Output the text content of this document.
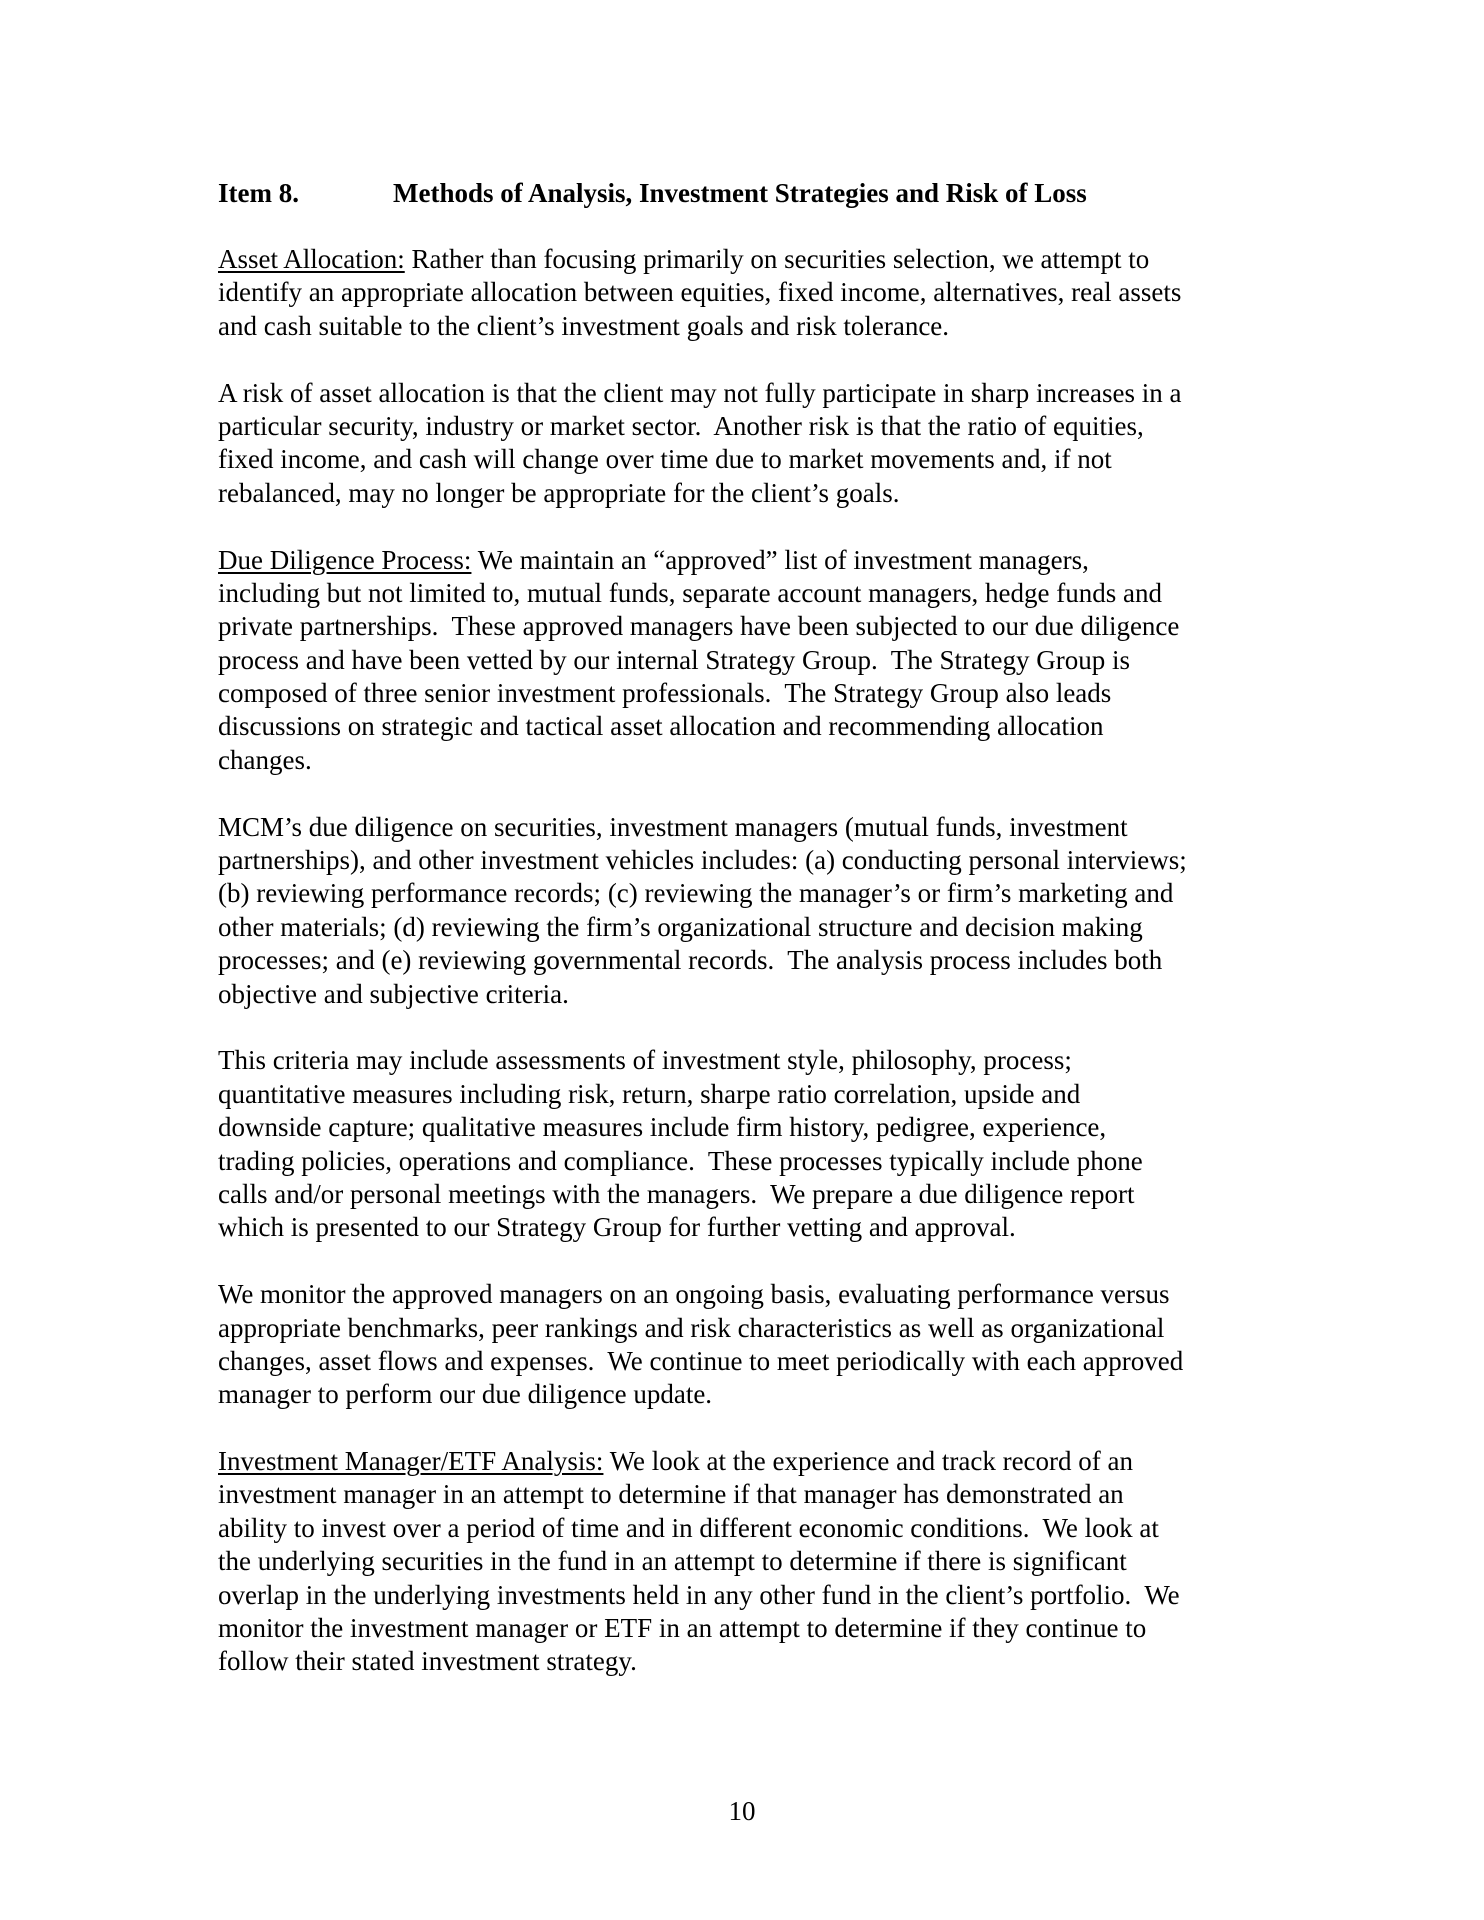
Item 8.	Methods of Analysis, Investment Strategies and Risk of Loss

Asset Allocation: Rather than focusing primarily on securities selection, we attempt to
identify an appropriate allocation between equities, fixed income, alternatives, real assets
and cash suitable to the client’s investment goals and risk tolerance.

A risk of asset allocation is that the client may not fully participate in sharp increases in a
particular security, industry or market sector.  Another risk is that the ratio of equities,
fixed income, and cash will change over time due to market movements and, if not
rebalanced, may no longer be appropriate for the client’s goals.

Due Diligence Process: We maintain an “approved” list of investment managers,
including but not limited to, mutual funds, separate account managers, hedge funds and
private partnerships.  These approved managers have been subjected to our due diligence
process and have been vetted by our internal Strategy Group.  The Strategy Group is
composed of three senior investment professionals.  The Strategy Group also leads
discussions on strategic and tactical asset allocation and recommending allocation
changes.

MCM’s due diligence on securities, investment managers (mutual funds, investment
partnerships), and other investment vehicles includes: (a) conducting personal interviews;
(b) reviewing performance records; (c) reviewing the manager’s or firm’s marketing and
other materials; (d) reviewing the firm’s organizational structure and decision making
processes; and (e) reviewing governmental records.  The analysis process includes both
objective and subjective criteria.

This criteria may include assessments of investment style, philosophy, process;
quantitative measures including risk, return, sharpe ratio correlation, upside and
downside capture; qualitative measures include firm history, pedigree, experience,
trading policies, operations and compliance.  These processes typically include phone
calls and/or personal meetings with the managers.  We prepare a due diligence report
which is presented to our Strategy Group for further vetting and approval.

We monitor the approved managers on an ongoing basis, evaluating performance versus
appropriate benchmarks, peer rankings and risk characteristics as well as organizational
changes, asset flows and expenses.  We continue to meet periodically with each approved
manager to perform our due diligence update.

Investment Manager/ETF Analysis: We look at the experience and track record of an
investment manager in an attempt to determine if that manager has demonstrated an
ability to invest over a period of time and in different economic conditions.  We look at
the underlying securities in the fund in an attempt to determine if there is significant
overlap in the underlying investments held in any other fund in the client’s portfolio.  We
monitor the investment manager or ETF in an attempt to determine if they continue to
follow their stated investment strategy.

10
